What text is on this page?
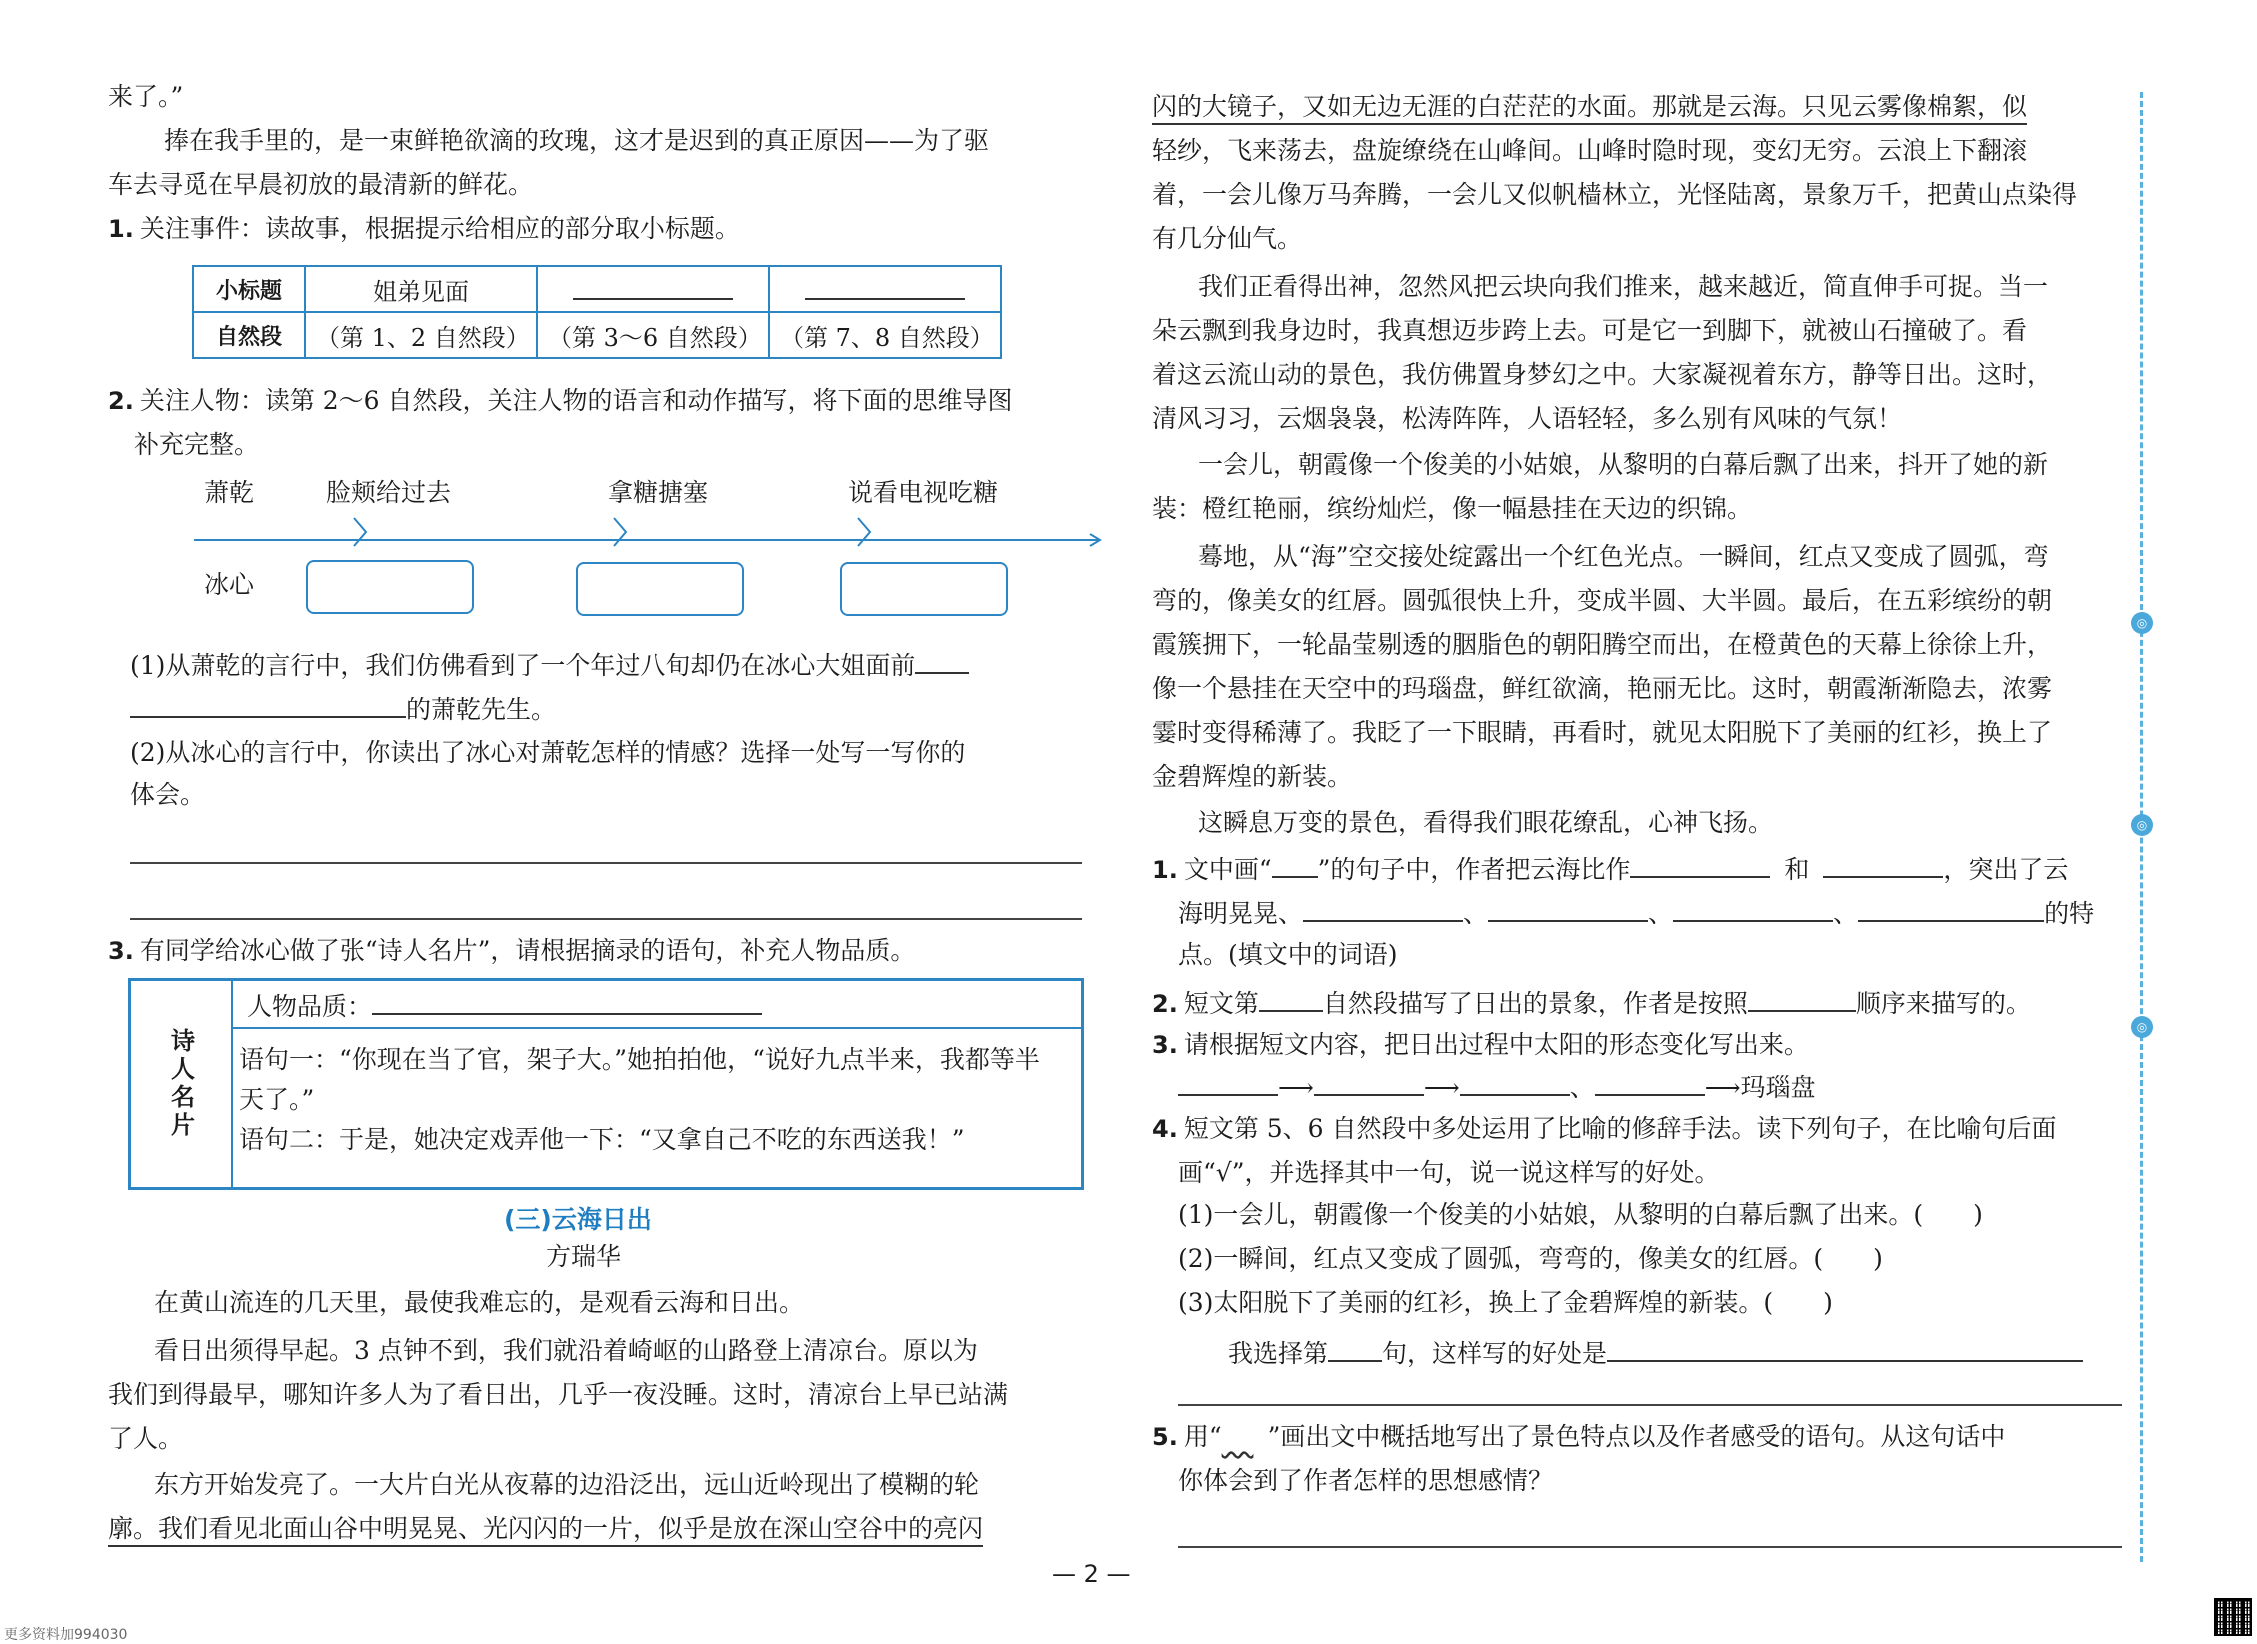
来了。”
捧在我手里的，是一束鲜艳欲滴的玫瑰，这才是迟到的真正原因——为了驱
车去寻觅在早晨初放的最清新的鲜花。
1. 关注事件：读故事，根据提示给相应的部分取小标题。
小标题	姐弟见面		
自然段	（第 1、2 自然段）	（第 3～6 自然段）	（第 7、8 自然段）
2. 关注人物：读第 2～6 自然段，关注人物的语言和动作描写，将下面的思维导图
补充完整。
萧乾	脸颊给过去	拿糖搪塞	说看电视吃糖
冰心
(1)从萧乾的言行中，我们仿佛看到了一个年过八旬却仍在冰心大姐面前
的萧乾先生。
(2)从冰心的言行中，你读出了冰心对萧乾怎样的情感？选择一处写一写你的
体会。
3. 有同学给冰心做了张“诗人名片”，请根据摘录的语句，补充人物品质。
诗人名片
人物品质：
语句一：“你现在当了官，架子大。”她拍拍他，“说好九点半来，我都等半
天了。”
语句二：于是，她决定戏弄他一下：“又拿自己不吃的东西送我！”
(三)云海日出
方瑞华
在黄山流连的几天里，最使我难忘的，是观看云海和日出。
看日出须得早起。3 点钟不到，我们就沿着崎岖的山路登上清凉台。原以为
我们到得最早，哪知许多人为了看日出，几乎一夜没睡。这时，清凉台上早已站满
了人。
东方开始发亮了。一大片白光从夜幕的边沿泛出，远山近岭现出了模糊的轮
廓。我们看见北面山谷中明晃晃、光闪闪的一片，似乎是放在深山空谷中的亮闪
闪的大镜子，又如无边无涯的白茫茫的水面。那就是云海。只见云雾像棉絮，似
轻纱，飞来荡去，盘旋缭绕在山峰间。山峰时隐时现，变幻无穷。云浪上下翻滚
着，一会儿像万马奔腾，一会儿又似帆樯林立，光怪陆离，景象万千，把黄山点染得
有几分仙气。
我们正看得出神，忽然风把云块向我们推来，越来越近，简直伸手可捉。当一
朵云飘到我身边时，我真想迈步跨上去。可是它一到脚下，就被山石撞破了。看
着这云流山动的景色，我仿佛置身梦幻之中。大家凝视着东方，静等日出。这时，
清风习习，云烟袅袅，松涛阵阵，人语轻轻，多么别有风味的气氛！
一会儿，朝霞像一个俊美的小姑娘，从黎明的白幕后飘了出来，抖开了她的新
装：橙红艳丽，缤纷灿烂，像一幅悬挂在天边的织锦。
蓦地，从“海”空交接处绽露出一个红色光点。一瞬间，红点又变成了圆弧，弯
弯的，像美女的红唇。圆弧很快上升，变成半圆、大半圆。最后，在五彩缤纷的朝
霞簇拥下，一轮晶莹剔透的胭脂色的朝阳腾空而出，在橙黄色的天幕上徐徐上升，
像一个悬挂在天空中的玛瑙盘，鲜红欲滴，艳丽无比。这时，朝霞渐渐隐去，浓雾
霎时变得稀薄了。我眨了一下眼睛，再看时，就见太阳脱下了美丽的红衫，换上了
金碧辉煌的新装。
这瞬息万变的景色，看得我们眼花缭乱，心神飞扬。
1. 文中画“ ”的句子中，作者把云海比作	和	，突出了云
海明晃晃、	、	、	、	的特
点。(填文中的词语)
2. 短文第	自然段描写了日出的景象，作者是按照	顺序来描写的。
3. 请根据短文内容，把日出过程中太阳的形态变化写出来。
⟶	⟶	、	⟶玛瑙盘
4. 短文第 5、6 自然段中多处运用了比喻的修辞手法。读下列句子，在比喻句后面
画“√”，并选择其中一句，说一说这样写的好处。
(1)一会儿，朝霞像一个俊美的小姑娘，从黎明的白幕后飘了出来。(　　)
(2)一瞬间，红点又变成了圆弧，弯弯的，像美女的红唇。(　　)
(3)太阳脱下了美丽的红衫，换上了金碧辉煌的新装。(　　)
我选择第 句，这样写的好处是
5. 用“ ”画出文中概括地写出了景色特点以及作者感受的语句。从这句话中
你体会到了作者怎样的思想感情？
◎
◎
◎
— 2 —
更多资料加994030
